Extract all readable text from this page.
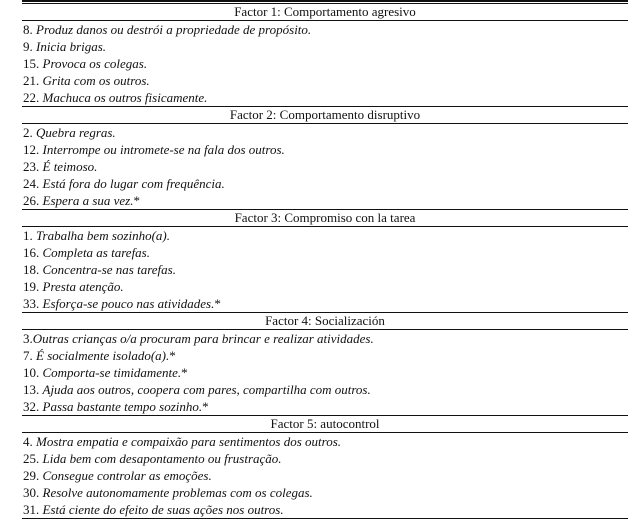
Factor 1: Comportamento agresivo
8. Produz danos ou destrói a propriedade de propósito.
9. Inicia brigas.
15. Provoca os colegas.
21. Grita com os outros.
22. Machuca os outros fisicamente.
Factor 2: Comportamento disruptivo
2. Quebra regras.
12. Interrompe ou intromete-se na fala dos outros.
23. É teimoso.
24. Está fora do lugar com frequência.
26. Espera a sua vez.*
Factor 3: Compromiso con la tarea
1. Trabalha bem sozinho(a).
16. Completa as tarefas.
18. Concentra-se nas tarefas.
19. Presta atenção.
33. Esforça-se pouco nas atividades.*
Factor 4: Socialización
3.Outras crianças o/a procuram para brincar e realizar atividades.
7. É socialmente isolado(a).*
10. Comporta-se timidamente.*
13. Ajuda aos outros, coopera com pares, compartilha com outros.
32. Passa bastante tempo sozinho.*
Factor 5: autocontrol
4. Mostra empatia e compaixão para sentimentos dos outros.
25. Lida bem com desapontamento ou frustração.
29. Consegue controlar as emoções.
30. Resolve autonomamente problemas com os colegas.
31. Está ciente do efeito de suas ações nos outros.
